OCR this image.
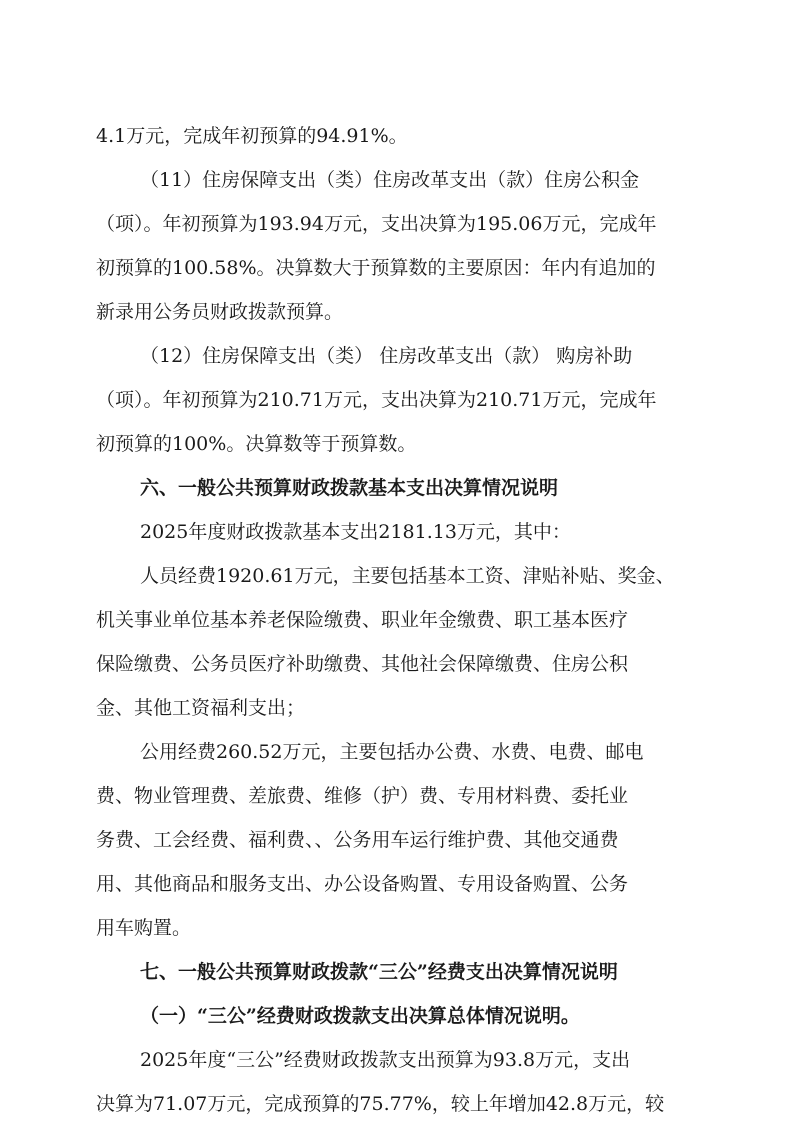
4.1万元，完成年初预算的94.91%。
（11）住房保障支出（类）住房改革支出（款）住房公积金
（项）。年初预算为193.94万元，支出决算为195.06万元，完成年
初预算的100.58%。决算数大于预算数的主要原因：年内有追加的
新录用公务员财政拨款预算。
（12）住房保障支出（类） 住房改革支出（款） 购房补助
（项）。年初预算为210.71万元，支出决算为210.71万元，完成年
初预算的100%。决算数等于预算数。
六、一般公共预算财政拨款基本支出决算情况说明
2025年度财政拨款基本支出2181.13万元，其中：
人员经费1920.61万元，主要包括基本工资、津贴补贴、奖金、
机关事业单位基本养老保险缴费、职业年金缴费、职工基本医疗
保险缴费、公务员医疗补助缴费、其他社会保障缴费、住房公积
金、其他工资福利支出；
公用经费260.52万元，主要包括办公费、水费、电费、邮电
费、物业管理费、差旅费、维修（护）费、专用材料费、委托业
务费、工会经费、福利费、、公务用车运行维护费、其他交通费
用、其他商品和服务支出、办公设备购置、专用设备购置、公务
用车购置。
七、一般公共预算财政拨款“三公”经费支出决算情况说明
（一）“三公”经费财政拨款支出决算总体情况说明。
2025年度“三公”经费财政拨款支出预算为93.8万元，支出
决算为71.07万元，完成预算的75.77%，较上年增加42.8万元，较
